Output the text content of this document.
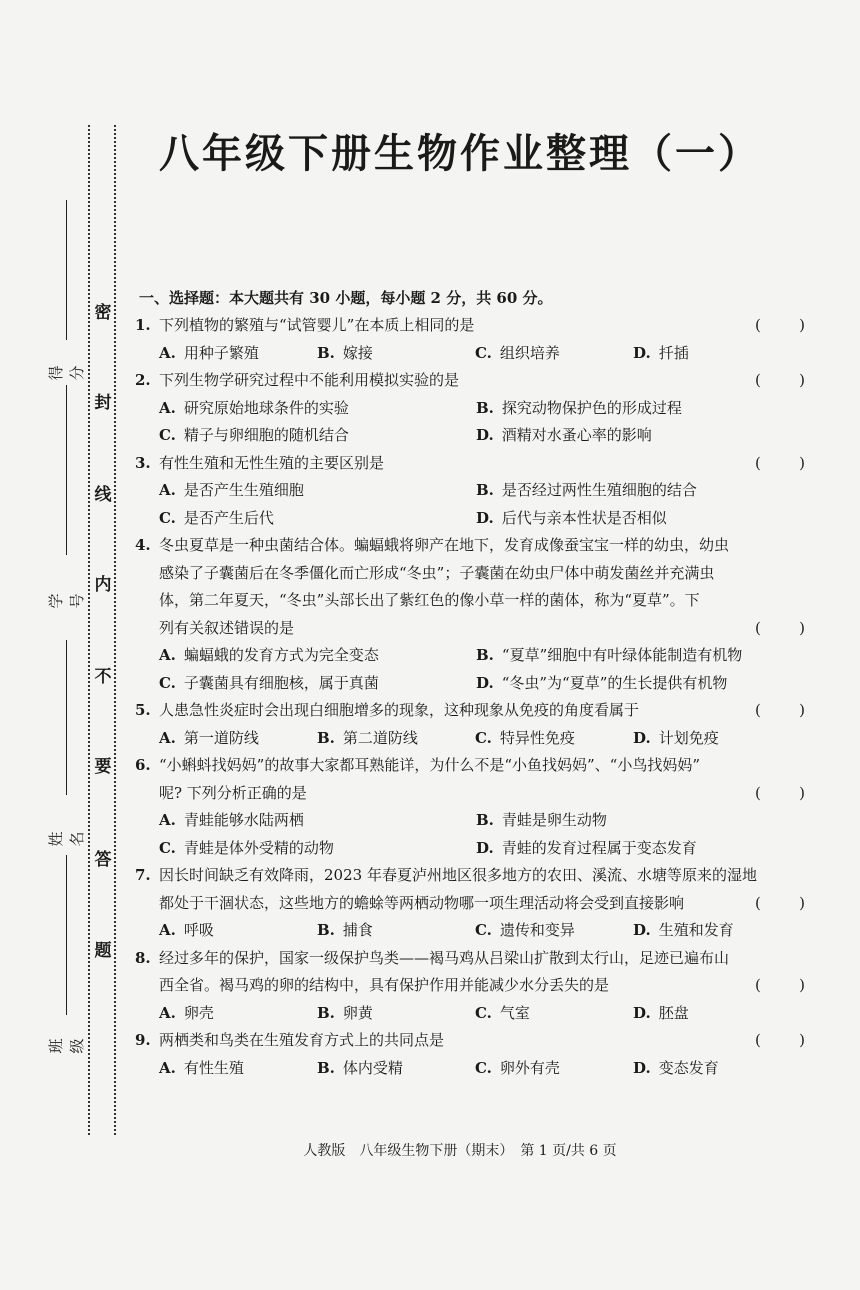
密
封
线
内
不
要
答
题
得分
学号
姓名
班级
八年级下册生物作业整理（一）
一、选择题：本大题共有 30 小题，每小题 2 分，共 60 分。
1. 下列植物的繁殖与“试管婴儿”在本质上相同的是	(	)
A. 用种子繁殖	B. 嫁接	C. 组织培养	D. 扦插
2. 下列生物学研究过程中不能利用模拟实验的是	(	)
A. 研究原始地球条件的实验	B. 探究动物保护色的形成过程
C. 精子与卵细胞的随机结合	D. 酒精对水蚤心率的影响
3. 有性生殖和无性生殖的主要区别是	(	)
A. 是否产生生殖细胞	B. 是否经过两性生殖细胞的结合
C. 是否产生后代	D. 后代与亲本性状是否相似
4. 冬虫夏草是一种虫菌结合体。蝙蝠蛾将卵产在地下，发育成像蚕宝宝一样的幼虫，幼虫
感染了子囊菌后在冬季僵化而亡形成“冬虫”；子囊菌在幼虫尸体中萌发菌丝并充满虫
体，第二年夏天，“冬虫”头部长出了紫红色的像小草一样的菌体，称为“夏草”。下
列有关叙述错误的是	(	)
A. 蝙蝠蛾的发育方式为完全变态	B. “夏草”细胞中有叶绿体能制造有机物
C. 子囊菌具有细胞核，属于真菌	D. “冬虫”为“夏草”的生长提供有机物
5. 人患急性炎症时会出现白细胞增多的现象，这种现象从免疫的角度看属于	(	)
A. 第一道防线	B. 第二道防线	C. 特异性免疫	D. 计划免疫
6. “小蝌蚪找妈妈”的故事大家都耳熟能详，为什么不是“小鱼找妈妈”、“小鸟找妈妈”
呢? 下列分析正确的是	(	)
A. 青蛙能够水陆两栖	B. 青蛙是卵生动物
C. 青蛙是体外受精的动物	D. 青蛙的发育过程属于变态发育
7. 因长时间缺乏有效降雨，2023 年春夏泸州地区很多地方的农田、溪流、水塘等原来的湿地
都处于干涸状态，这些地方的蟾蜍等两栖动物哪一项生理活动将会受到直接影响	(	)
A. 呼吸	B. 捕食	C. 遗传和变异	D. 生殖和发育
8. 经过多年的保护，国家一级保护鸟类——褐马鸡从吕梁山扩散到太行山，足迹已遍布山
西全省。褐马鸡的卵的结构中，具有保护作用并能减少水分丢失的是	(	)
A. 卵壳	B. 卵黄	C. 气室	D. 胚盘
9. 两栖类和鸟类在生殖发育方式上的共同点是	(	)
A. 有性生殖	B. 体内受精	C. 卵外有壳	D. 变态发育
人教版　八年级生物下册（期末）　第 1 页/共 6 页
